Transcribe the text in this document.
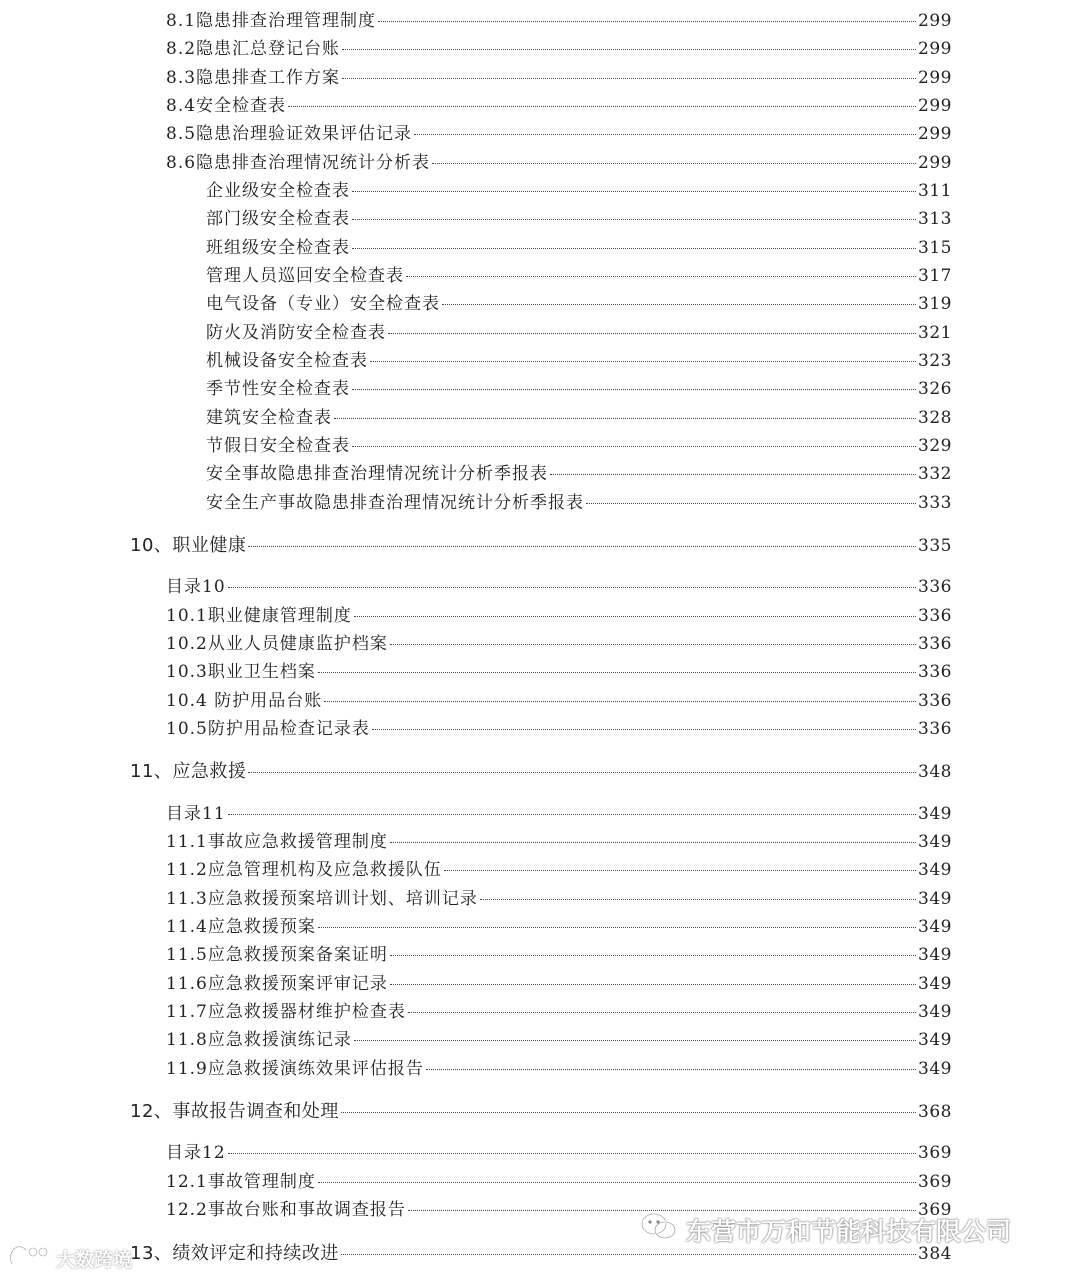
8.1隐患排查治理管理制度	299
8.2隐患汇总登记台账	299
8.3隐患排查工作方案	299
8.4安全检查表	299
8.5隐患治理验证效果评估记录	299
8.6隐患排查治理情况统计分析表	299
企业级安全检查表	311
部门级安全检查表	313
班组级安全检查表	315
管理人员巡回安全检查表	317
电气设备（专业）安全检查表	319
防火及消防安全检查表	321
机械设备安全检查表	323
季节性安全检查表	326
建筑安全检查表	328
节假日安全检查表	329
安全事故隐患排查治理情况统计分析季报表	332
安全生产事故隐患排查治理情况统计分析季报表	333
10、职业健康	335
目录10	336
10.1职业健康管理制度	336
10.2从业人员健康监护档案	336
10.3职业卫生档案	336
10.4 防护用品台账	336
10.5防护用品检查记录表	336
11、应急救援	348
目录11	349
11.1事故应急救援管理制度	349
11.2应急管理机构及应急救援队伍	349
11.3应急救援预案培训计划、培训记录	349
11.4应急救援预案	349
11.5应急救援预案备案证明	349
11.6应急救援预案评审记录	349
11.7应急救援器材维护检查表	349
11.8应急救援演练记录	349
11.9应急救援演练效果评估报告	349
12、事故报告调查和处理	368
目录12	369
12.1事故管理制度	369
12.2事故台账和事故调查报告	369
13、绩效评定和持续改进	384
东营市万和节能科技有限公司
大数跨境
